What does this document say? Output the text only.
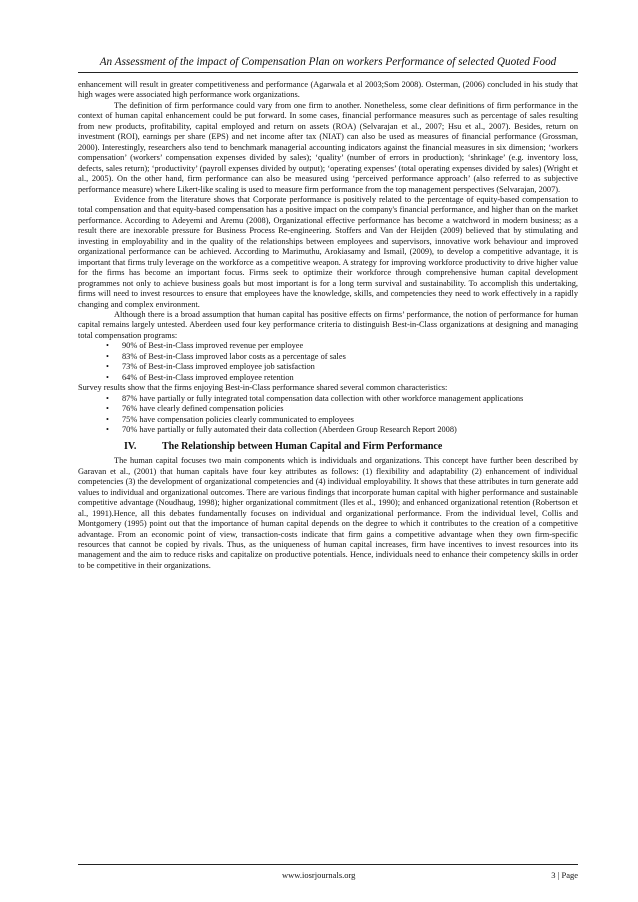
An Assessment of the impact of Compensation Plan on workers Performance of selected Quoted Food

enhancement will result in greater competitiveness and performance (Agarwala et al 2003;Som 2008). Osterman, (2006) concluded in his study that high wages were associated high performance work organizations.

The definition of firm performance could vary from one firm to another. Nonetheless, some clear definitions of firm performance in the context of human capital enhancement could be put forward. In some cases, financial performance measures such as percentage of sales resulting from new products, profitability, capital employed and return on assets (ROA) (Selvarajan et al., 2007; Hsu et al., 2007). Besides, return on investment (ROI), earnings per share (EPS) and net income after tax (NIAT) can also be used as measures of financial performance (Grossman, 2000). Interestingly, researchers also tend to benchmark managerial accounting indicators against the financial measures in six dimension; ‘workers compensation’ (workers’ compensation expenses divided by sales); ‘quality’ (number of errors in production); ‘shrinkage’ (e.g. inventory loss, defects, sales return); ‘productivity’ (payroll expenses divided by output); ‘operating expenses’ (total operating expenses divided by sales) (Wright et al., 2005). On the other hand, firm performance can also be measured using ‘perceived performance approach’ (also referred to as subjective performance measure) where Likert-like scaling is used to measure firm performance from the top management perspectives (Selvarajan, 2007).

Evidence from the literature shows that Corporate performance is positively related to the percentage of equity-based compensation to total compensation and that equity-based compensation has a positive impact on the company's financial performance, and higher than on the market performance. According to Adeyemi and Aremu (2008), Organizational effective performance has become a watchword in modern business; as a result there are inexorable pressure for Business Process Re-engineering. Stoffers and Van der Heijden (2009) believed that by stimulating and investing in employability and in the quality of the relationships between employees and supervisors, innovative work behaviour and improved organizational performance can be achieved. According to Marimuthu, Arokiasamy and Ismail, (2009), to develop a competitive advantage, it is important that firms truly leverage on the workforce as a competitive weapon. A strategy for improving workforce productivity to drive higher value for the firms has become an important focus. Firms seek to optimize their workforce through comprehensive human capital development programmes not only to achieve business goals but most important is for a long term survival and sustainability. To accomplish this undertaking, firms will need to invest resources to ensure that employees have the knowledge, skills, and competencies they need to work effectively in a rapidly changing and complex environment.

Although there is a broad assumption that human capital has positive effects on firms’ performance, the notion of performance for human capital remains largely untested. Aberdeen used four key performance criteria to distinguish Best-in-Class organizations at designing and managing total compensation programs:

• 90% of Best-in-Class improved revenue per employee
• 83% of Best-in-Class improved labor costs as a percentage of sales
• 73% of Best-in-Class improved employee job satisfaction
• 64% of Best-in-Class improved employee retention

Survey results show that the firms enjoying Best-in-Class performance shared several common characteristics:

• 87% have partially or fully integrated total compensation data collection with other workforce management applications
• 76% have clearly defined compensation policies
• 75% have compensation policies clearly communicated to employees
• 70% have partially or fully automated their data collection (Aberdeen Group Research Report 2008)
IV.	The Relationship between Human Capital and Firm Performance

The human capital focuses two main components which is individuals and organizations. This concept have further been described by Garavan et al., (2001) that human capitals have four key attributes as follows: (1) flexibility and adaptability (2) enhancement of individual competencies (3) the development of organizational competencies and (4) individual employability. It shows that these attributes in turn generate add values to individual and organizational outcomes. There are various findings that incorporate human capital with higher performance and sustainable competitive advantage (Noudhaug, 1998); higher organizational commitment (Iles et al., 1990); and enhanced organizational retention (Robertson et al., 1991).Hence, all this debates fundamentally focuses on individual and organizational performance. From the individual level, Collis and Montgomery (1995) point out that the importance of human capital depends on the degree to which it contributes to the creation of a competitive advantage. From an economic point of view, transaction-costs indicate that firm gains a competitive advantage when they own firm-specific resources that cannot be copied by rivals. Thus, as the uniqueness of human capital increases, firm have incentives to invest resources into its management and the aim to reduce risks and capitalize on productive potentials. Hence, individuals need to enhance their competency skills in order to be competitive in their organizations.

www.iosrjournals.org	3 | Page
